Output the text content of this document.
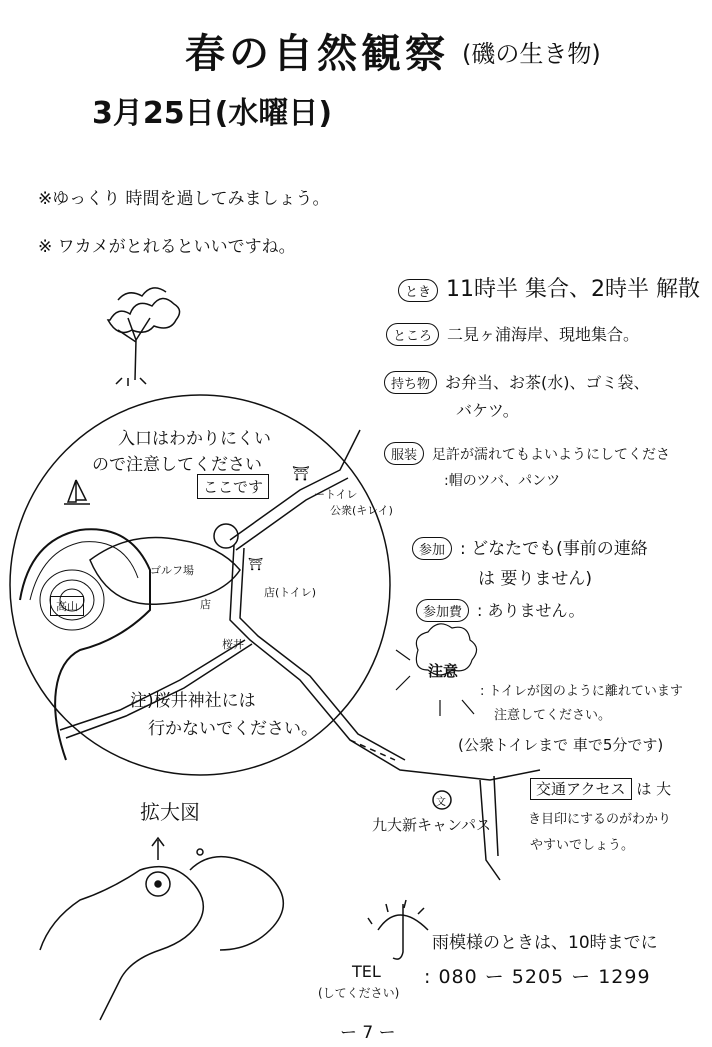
春の自然観察 (磯の生き物)
3月25日(水曜日)
※ゆっくり 時間を過してみましょう。
※ ワカメがとれるといいですね。
⛩
⛩
文
入口はわかりにくい
ので注意してください
ここです	ートイレ
公衆(キレイ)
ゴルフ場
高山	店
店(トイレ)
桜井
注)桜井神社には
行かないでください。
九大新キャンパス
拡大図
とき 11時半 集合、2時半 解散
ところ 二見ヶ浦海岸、現地集合。
持ち物 お弁当、お茶(水)、ゴミ袋、
バケツ。
服装 足許が濡れてもよいようにしてくださ
:帽のツバ、パンツ
参加 : どなたでも(事前の連絡
は 要りません)
参加費 : ありません。
注意
: トイレが図のように離れています
注意してください。
(公衆トイレまで 車で5分です)
交通アクセス は 大
き目印にするのがわかり
やすいでしょう。
雨模様のときは、10時までに
TEL
(してください)
: 080 ー 5205 ー 1299
ー 7 ー
